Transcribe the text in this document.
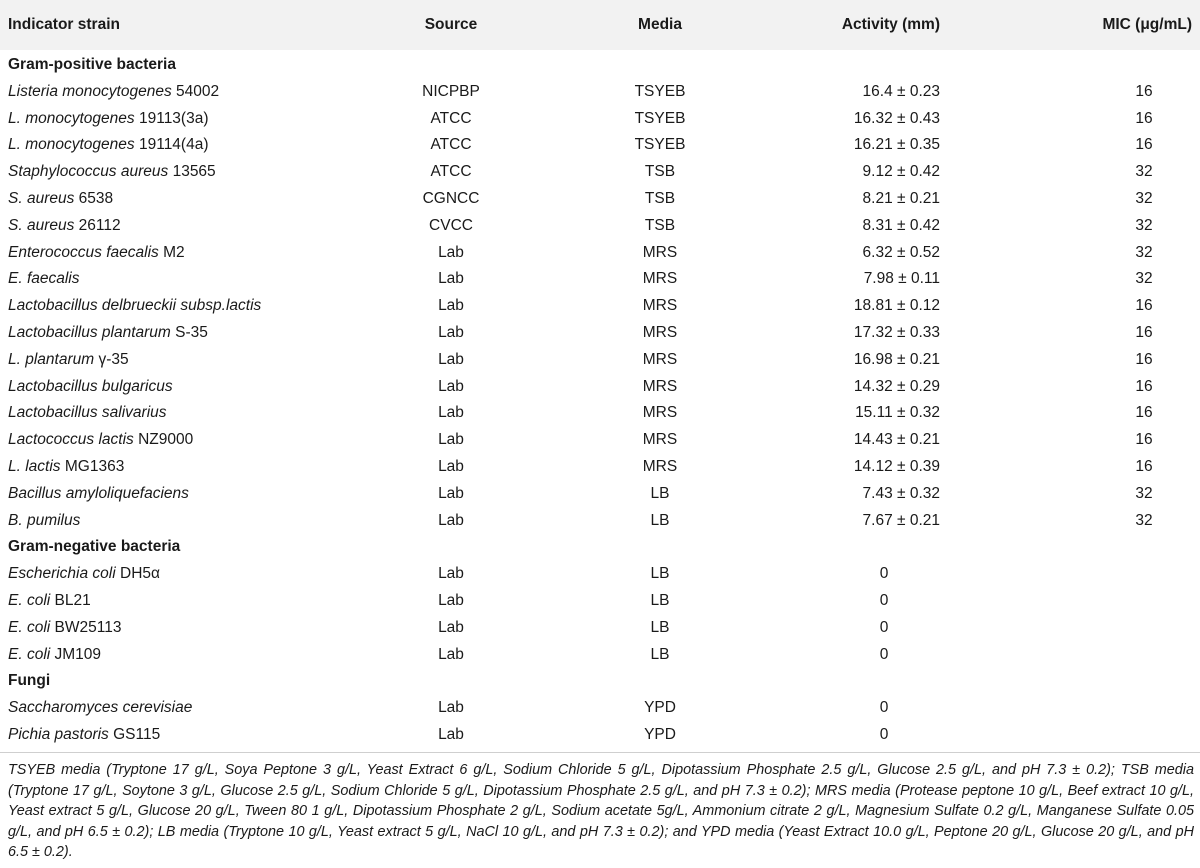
Indicator strain	Source	Media	Activity (mm)	MIC (μg/mL)
Gram-positive bacteria
Listeria monocytogenes 54002	NICPBP	TSYEB	16.4 ± 0.23	16
L. monocytogenes 19113(3a)	ATCC	TSYEB	16.32 ± 0.43	16
L. monocytogenes 19114(4a)	ATCC	TSYEB	16.21 ± 0.35	16
Staphylococcus aureus 13565	ATCC	TSB	9.12 ± 0.42	32
S. aureus 6538	CGNCC	TSB	8.21 ± 0.21	32
S. aureus 26112	CVCC	TSB	8.31 ± 0.42	32
Enterococcus faecalis M2	Lab	MRS	6.32 ± 0.52	32
E. faecalis	Lab	MRS	7.98 ± 0.11	32
Lactobacillus delbrueckii subsp.lactis	Lab	MRS	18.81 ± 0.12	16
Lactobacillus plantarum S-35	Lab	MRS	17.32 ± 0.33	16
L. plantarum γ-35	Lab	MRS	16.98 ± 0.21	16
Lactobacillus bulgaricus	Lab	MRS	14.32 ± 0.29	16
Lactobacillus salivarius	Lab	MRS	15.11 ± 0.32	16
Lactococcus lactis NZ9000	Lab	MRS	14.43 ± 0.21	16
L. lactis MG1363	Lab	MRS	14.12 ± 0.39	16
Bacillus amyloliquefaciens	Lab	LB	7.43 ± 0.32	32
B. pumilus	Lab	LB	7.67 ± 0.21	32
Gram-negative bacteria
Escherichia coli DH5α	Lab	LB	0
E. coli BL21	Lab	LB	0
E. coli BW25113	Lab	LB	0
E. coli JM109	Lab	LB	0
Fungi
Saccharomyces cerevisiae	Lab	YPD	0
Pichia pastoris GS115	Lab	YPD	0
TSYEB media (Tryptone 17 g/L, Soya Peptone 3 g/L, Yeast Extract 6 g/L, Sodium Chloride 5 g/L, Dipotassium Phosphate 2.5 g/L, Glucose 2.5 g/L, and pH 7.3 ± 0.2); TSB media (Tryptone 17 g/L, Soytone 3 g/L, Glucose 2.5 g/L, Sodium Chloride 5 g/L, Dipotassium Phosphate 2.5 g/L, and pH 7.3 ± 0.2); MRS media (Protease peptone 10 g/L, Beef extract 10 g/L, Yeast extract 5 g/L, Glucose 20 g/L, Tween 80 1 g/L, Dipotassium Phosphate 2 g/L, Sodium acetate 5g/L, Ammonium citrate 2 g/L, Magnesium Sulfate 0.2 g/L, Manganese Sulfate 0.05 g/L, and pH 6.5 ± 0.2); LB media (Tryptone 10 g/L, Yeast extract 5 g/L, NaCl 10 g/L, and pH 7.3 ± 0.2); and YPD media (Yeast Extract 10.0 g/L, Peptone 20 g/L, Glucose 20 g/L, and pH 6.5 ± 0.2).
